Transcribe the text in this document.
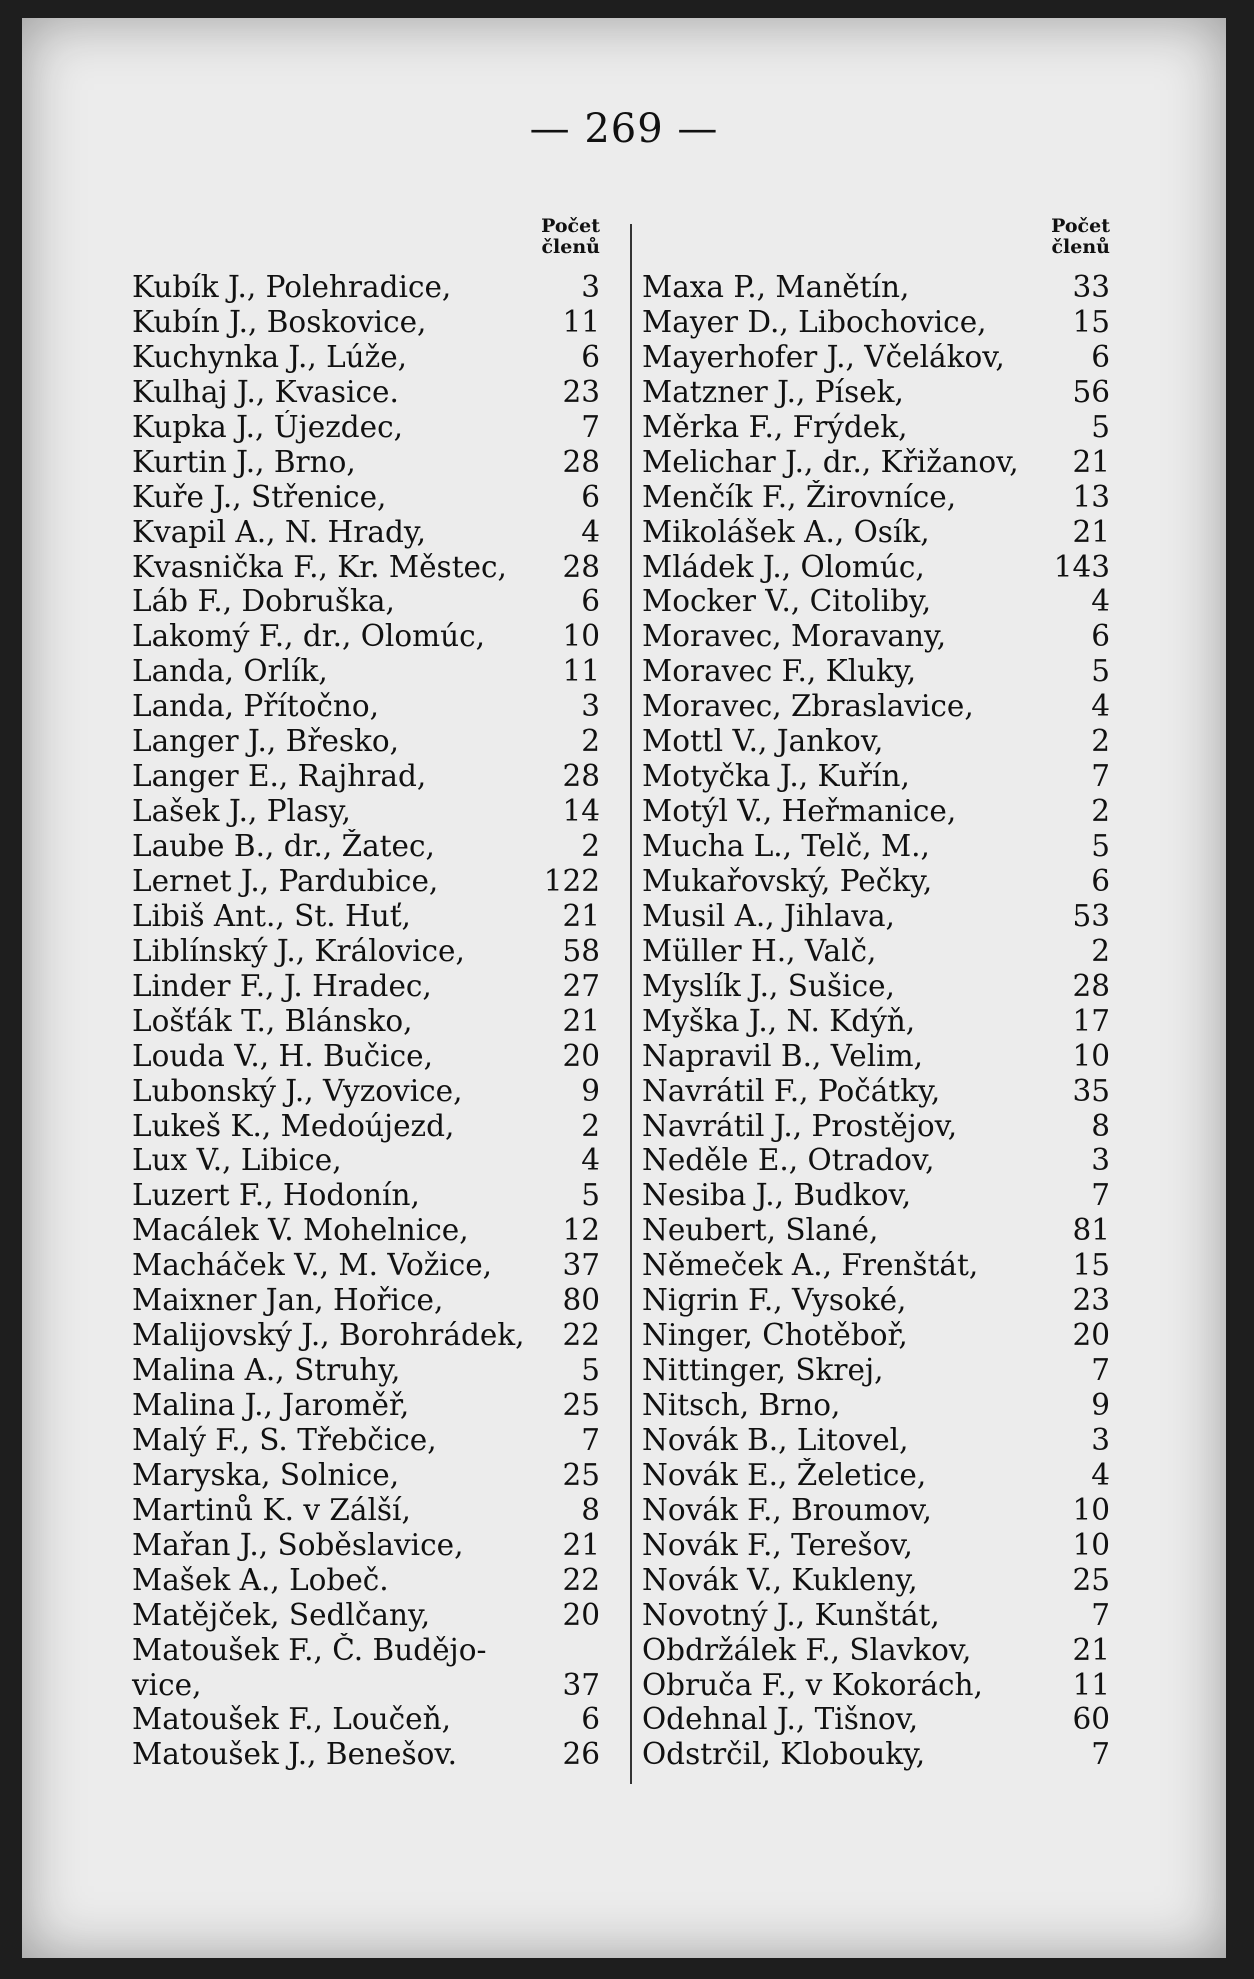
— 269 —
Počet
členů
Kubík J., Polehradice,	3
Kubín J., Boskovice,	11
Kuchynka J., Lúže,	6
Kulhaj J., Kvasice.	23
Kupka J., Újezdec,	7
Kurtin J., Brno,	28
Kuře J., Střenice,	6
Kvapil A., N. Hrady,	4
Kvasnička F., Kr. Městec,	28
Láb F., Dobruška,	6
Lakomý F., dr., Olomúc,	10
Landa, Orlík,	11
Landa, Přítočno,	3
Langer J., Břesko,	2
Langer E., Rajhrad,	28
Lašek J., Plasy,	14
Laube B., dr., Žatec,	2
Lernet J., Pardubice,	122
Libiš Ant., St. Huť,	21
Liblínský J., Královice,	58
Linder F., J. Hradec,	27
Lošťák T., Blánsko,	21
Louda V., H. Bučice,	20
Lubonský J., Vyzovice,	9
Lukeš K., Medoújezd,	2
Lux V., Libice,	4
Luzert F., Hodonín,	5
Macálek V. Mohelnice,	12
Macháček V., M. Vožice,	37
Maixner Jan, Hořice,	80
Malijovský J., Borohrádek,	22
Malina A., Struhy,	5
Malina J., Jaroměř,	25
Malý F., S. Třebčice,	7
Maryska, Solnice,	25
Martinů K. v Zálší,	8
Mařan J., Soběslavice,	21
Mašek A., Lobeč.	22
Matějček, Sedlčany,	20
Matoušek F., Č. Budějo-
vice,	37
Matoušek F., Loučeň,	6
Matoušek J., Benešov.	26
Počet
členů
Maxa P., Manětín,	33
Mayer D., Libochovice,	15
Mayerhofer J., Včelákov,	6
Matzner J., Písek,	56
Měrka F., Frýdek,	5
Melichar J., dr., Křižanov,	21
Menčík F., Žirovníce,	13
Mikolášek A., Osík,	21
Mládek J., Olomúc,	143
Mocker V., Citoliby,	4
Moravec, Moravany,	6
Moravec F., Kluky,	5
Moravec, Zbraslavice,	4
Mottl V., Jankov,	2
Motyčka J., Kuřín,	7
Motýl V., Heřmanice,	2
Mucha L., Telč, M.,	5
Mukařovský, Pečky,	6
Musil A., Jihlava,	53
Müller H., Valč,	2
Myslík J., Sušice,	28
Myška J., N. Kdýň,	17
Napravil B., Velim,	10
Navrátil F., Počátky,	35
Navrátil J., Prostějov,	8
Neděle E., Otradov,	3
Nesiba J., Budkov,	7
Neubert, Slané,	81
Němeček A., Frenštát,	15
Nigrin F., Vysoké,	23
Ninger, Chotěboř,	20
Nittinger, Skrej,	7
Nitsch, Brno,	9
Novák B., Litovel,	3
Novák E., Želetice,	4
Novák F., Broumov,	10
Novák F., Terešov,	10
Novák V., Kukleny,	25
Novotný J., Kunštát,	7
Obdržálek F., Slavkov,	21
Obruča F., v Kokorách,	11
Odehnal J., Tišnov,	60
Odstrčil, Klobouky,	7
